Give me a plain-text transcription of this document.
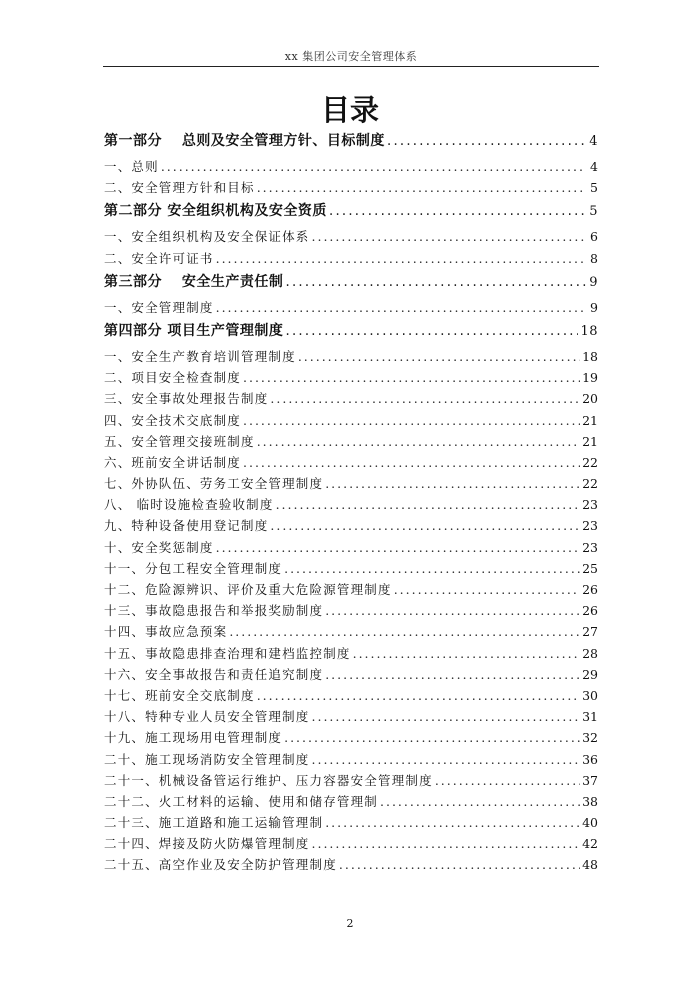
xx 集团公司安全管理体系
目录
第一部分　 总则及安全管理方针、目标制度 .....	4
一、总则 .....	4
二、安全管理方针和目标 .....	5
第二部分 安全组织机构及安全资质 .....	5
一、安全组织机构及安全保证体系 .....	6
二、安全许可证书 .....	8
第三部分　 安全生产责任制 .....	9
一、安全管理制度 .....	9
第四部分 项目生产管理制度 .....	18
一、安全生产教育培训管理制度 .....	18
二、项目安全检查制度 .....	19
三、安全事故处理报告制度 .....	20
四、安全技术交底制度 .....	21
五、安全管理交接班制度 .....	21
六、班前安全讲话制度 .....	22
七、外协队伍、劳务工安全管理制度 .....	22
八、 临时设施检查验收制度 .....	23
九、特种设备使用登记制度 .....	23
十、安全奖惩制度 .....	23
十一、分包工程安全管理制度 .....	25
十二、危险源辨识、评价及重大危险源管理制度 .....	26
十三、事故隐患报告和举报奖励制度 .....	26
十四、事故应急预案 .....	27
十五、事故隐患排查治理和建档监控制度 .....	28
十六、安全事故报告和责任追究制度 .....	29
十七、班前安全交底制度 .....	30
十八、特种专业人员安全管理制度 .....	31
十九、施工现场用电管理制度 .....	32
二十、施工现场消防安全管理制度 .....	36
二十一、机械设备管运行维护、压力容器安全管理制度 .....	37
二十二、火工材料的运输、使用和储存管理制 .....	38
二十三、施工道路和施工运输管理制 .....	40
二十四、焊接及防火防爆管理制度 .....	42
二十五、高空作业及安全防护管理制度 .....	48
2
